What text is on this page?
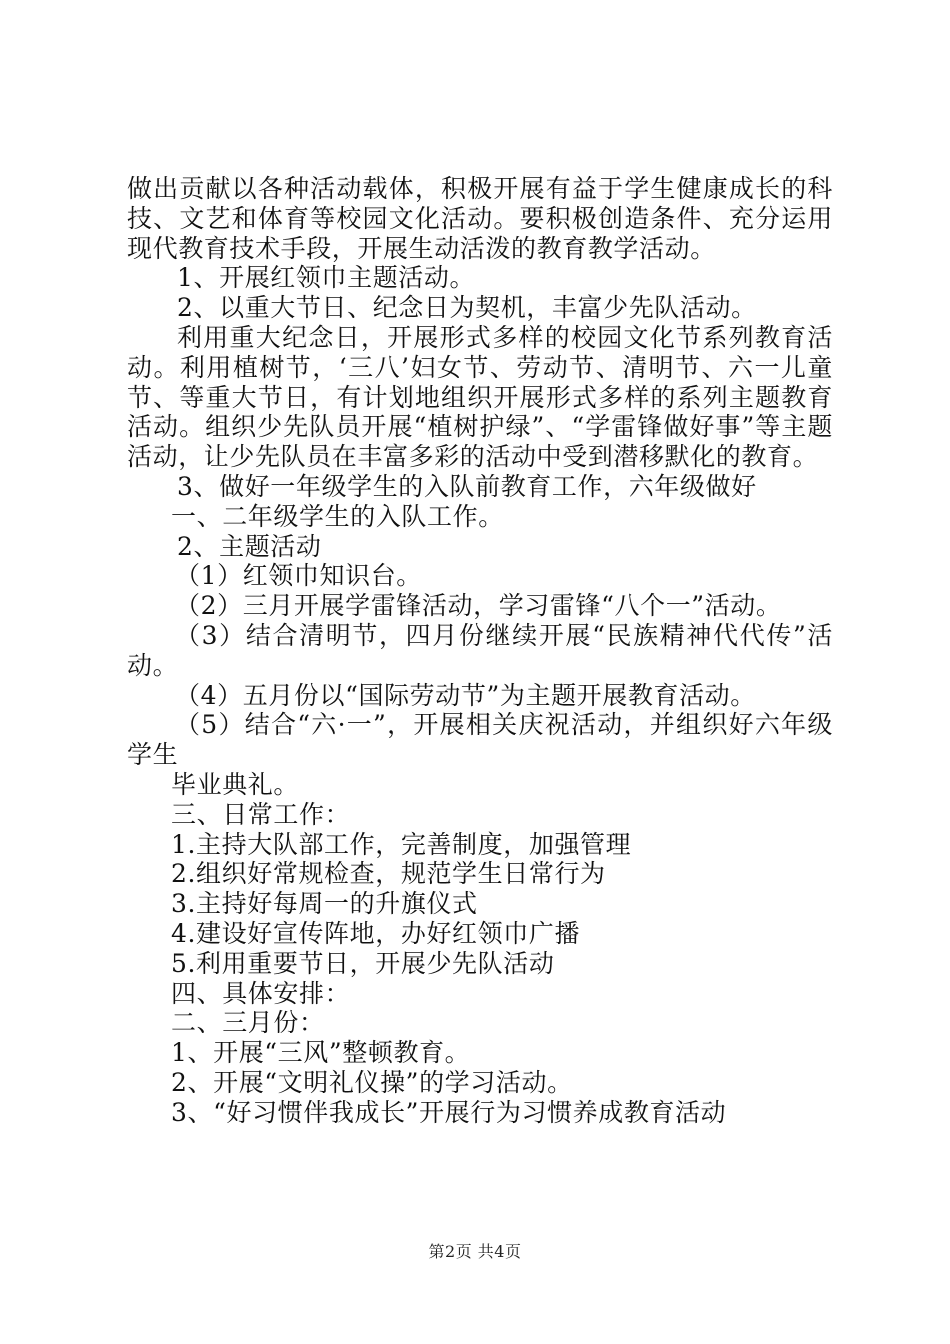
做出贡献以各种活动载体，积极开展有益于学生健康成长的科技、文艺和体育等校园文化活动。要积极创造条件、充分运用现代教育技术手段，开展生动活泼的教育教学活动。

1、开展红领巾主题活动。

2、以重大节日、纪念日为契机，丰富少先队活动。

利用重大纪念日，开展形式多样的校园文化节系列教育活动。利用植树节，‘三八’妇女节、劳动节、清明节、六一儿童节、等重大节日，有计划地组织开展形式多样的系列主题教育活动。组织少先队员开展“植树护绿”、“学雷锋做好事”等主题活动，让少先队员在丰富多彩的活动中受到潜移默化的教育。

3、做好一年级学生的入队前教育工作，六年级做好

一、二年级学生的入队工作。

2、主题活动

（1）红领巾知识台。

（2）三月开展学雷锋活动，学习雷锋“八个一”活动。

（3）结合清明节，四月份继续开展“民族精神代代传”活动。

（4）五月份以“国际劳动节”为主题开展教育活动。

（5）结合“六·一”，开展相关庆祝活动，并组织好六年级学生

毕业典礼。

三、日常工作：

1.主持大队部工作，完善制度，加强管理

2.组织好常规检查，规范学生日常行为

3.主持好每周一的升旗仪式

4.建设好宣传阵地，办好红领巾广播

5.利用重要节日，开展少先队活动

四、具体安排：

二、三月份：

1、开展“三风”整顿教育。

2、开展“文明礼仪操”的学习活动。

3、“好习惯伴我成长”开展行为习惯养成教育活动

第2页 共4页
